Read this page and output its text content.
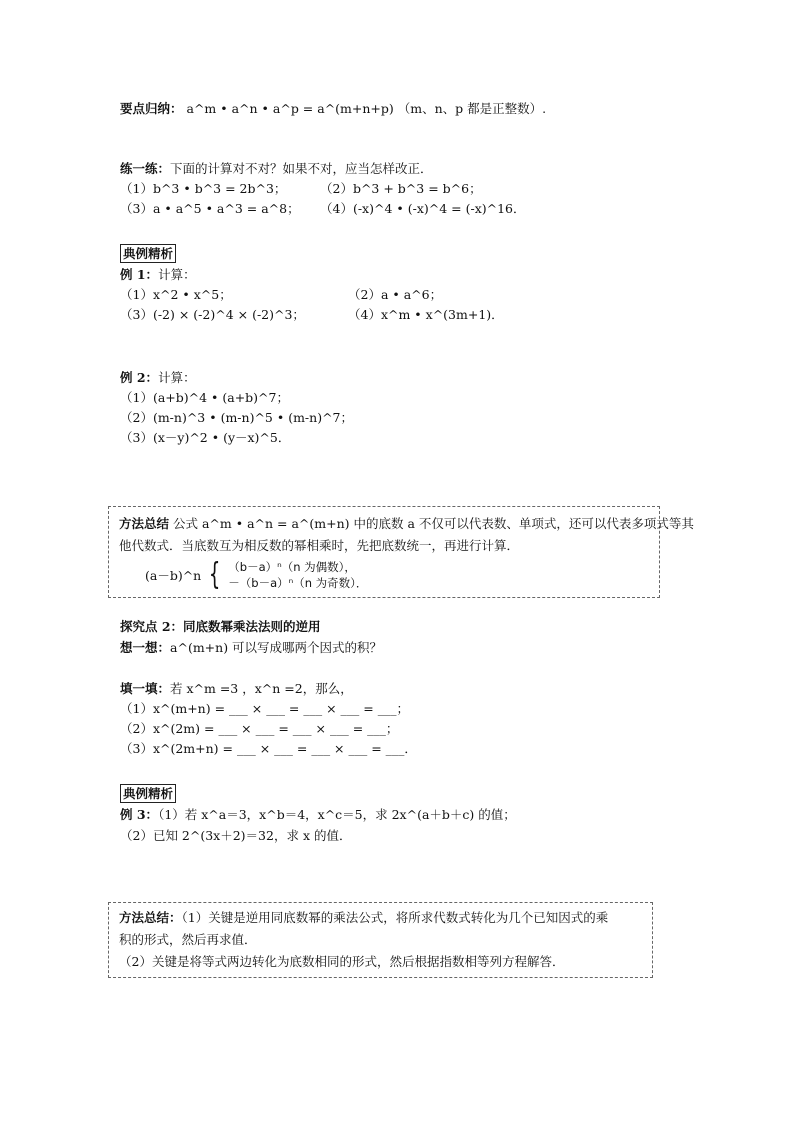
要点归纳： a^m • a^n • a^p = a^(m+n+p) （m、n、p 都是正整数）.
练一练：下面的计算对不对？如果不对，应当怎样改正．
（1）b^3 • b^3 = 2b^3；	（2）b^3 + b^3 = b^6；
（3）a • a^5 • a^3 = a^8； （4）(-x)^4 • (-x)^4 = (-x)^16．
典例精析
例 1：计算：
（1）x^2 • x^5；	（2）a • a^6；
（3）(-2) × (-2)^4 × (-2)^3；	（4）x^m • x^(3m+1)．
例 2：计算：
（1）(a+b)^4 • (a+b)^7；
（2）(m-n)^3 • (m-n)^5 • (m-n)^7；
（3）(x－y)^2 • (y－x)^5．
方法总结 公式 a^m • a^n = a^(m+n) 中的底数 a 不仅可以代表数、单项式，还可以代表多项式等其
他代数式．当底数互为相反数的幂相乘时，先把底数统一，再进行计算．
(a－b)^n { （b－a）ⁿ（n 为偶数），
－（b－a）ⁿ（n 为奇数）．
探究点 2：同底数幂乘法法则的逆用
想一想：a^(m+n) 可以写成哪两个因式的积？
填一填：若 x^m =3 ，x^n =2，那么，
（1）x^(m+n) = ___ × ___ = ___ × ___ = ___；
（2）x^(2m) = ___ × ___ = ___ × ___ = ___；
（3）x^(2m+n) = ___ × ___ = ___ × ___ = ___．
典例精析
例 3：（1）若 x^a＝3，x^b＝4，x^c＝5，求 2x^(a＋b＋c) 的值；
（2）已知 2^(3x＋2)＝32，求 x 的值．
方法总结：（1）关键是逆用同底数幂的乘法公式，将所求代数式转化为几个已知因式的乘
积的形式，然后再求值．
（2）关键是将等式两边转化为底数相同的形式，然后根据指数相等列方程解答．
